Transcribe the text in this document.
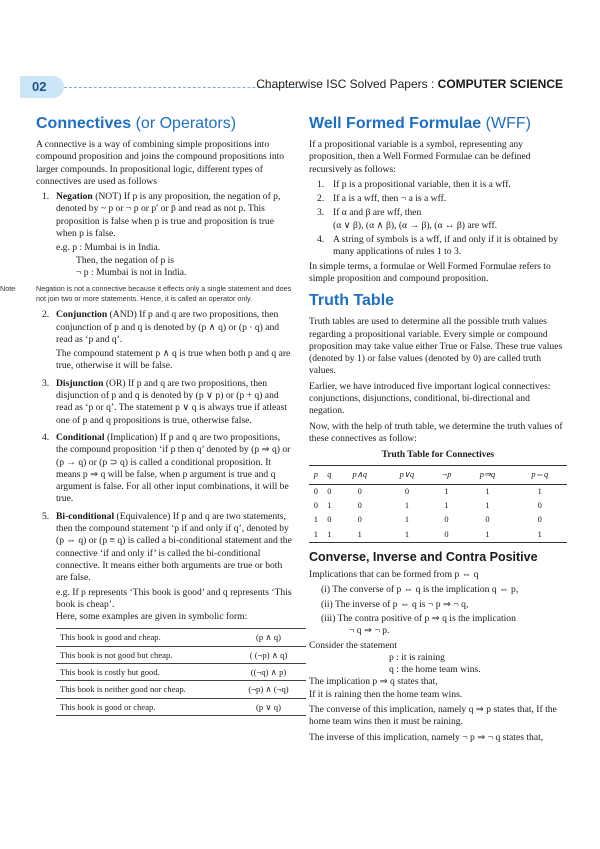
02	Chapterwise ISC Solved Papers : COMPUTER SCIENCE
Connectives (or Operators)

A connective is a way of combining simple propositions into compound proposition and joins the compound propositions into larger compounds. In propositional logic, different types of connectives are used as follows

1. Negation (NOT) If p is any proposition, the negation of p, denoted by ~ p or ¬ p or p′ or p̄ and read as not p. This proposition is false when p is true and proposition is true when p is false.
e.g. p : Mumbai is in India.
Then, the negation of p is
¬ p : Mumbai is not in India.
Note	Negation is not a connective because it effects only a single statement and does not join two or more statements. Hence, it is called an operator only.
2. Conjunction (AND) If p and q are two propositions, then conjunction of p and q is denoted by (p ∧ q) or (p · q) and read as ‘p and q’.
The compound statement p ∧ q is true when both p and q are true, otherwise it will be false.
3. Disjunction (OR) If p and q are two propositions, then disjunction of p and q is denoted by (p ∨ p) or (p + q) and read as ‘p or q’. The statement p ∨ q is always true if atleast one of p and q propositions is true, otherwise false.
4. Conditional (Implication) If p and q are two propositions, the compound proposition ‘if p then q’ denoted by (p ⇒ q) or (p → q) or (p ⊃ q) is called a conditional proposition. It means p ⇒ q will be false, when p argument is true and q argument is false. For all other input combinations, it will be true.
5. Bi-conditional (Equivalence) If p and q are two statements, then the compound statement ‘p if and only if q’, denoted by (p ⇔ q) or (p ≡ q) is called a bi-conditional statement and the connective ‘if and only if’ is called the bi-conditional connective. It means either both arguments are true or both are false.
e.g. If p represents ‘This book is good’ and q represents ‘This book is cheap’.
Here, some examples are given in symbolic form:
This book is good and cheap.	(p ∧ q)
This book is not good but cheap.	( (¬p) ∧ q)
This book is costly but good.	((¬q) ∧ p)
This book is neither good nor cheap.	(¬p) ∧ (¬q)
This book is good or cheap.	(p ∨ q)
Well Formed Formulae (WFF)

If a propositional variable is a symbol, representing any proposition, then a Well Formed Formulae can be defined recursively as follows:

1. If p is a propositional variable, then it is a wff.
2. If a is a wff, then ¬ a is a wff.
3. If α and β are wff, then
(α ∨ β), (α ∧ β), (α → β), (α ↔ β) are wff.
4. A string of symbols is a wff, if and only if it is obtained by many applications of rules 1 to 3.

In simple terms, a formulae or Well Formed Formulae refers to simple proposition and compound proposition.

Truth Table

Truth tables are used to determine all the possible truth values regarding a propositional variable. Every simple or compound proposition may take value either True or False. These true values (denoted by 1) or false values (denoted by 0) are called truth values.

Earlier, we have introduced five important logical connectives: conjunctions, disjunctions, conditional, bi-directional and negation.

Now, with the help of truth table, we determine the truth values of these connectives as follow:

Truth Table for Connectives
p	q	p∧q	p∨q	¬p	p⇒q	p⇔q
0	0	0	0	1	1	1
0	1	0	1	1	1	0
1	0	0	1	0	0	0
1	1	1	1	0	1	1
Converse, Inverse and Contra Positive

Implications that can be formed from p ⇔ q

(i) The converse of p ⇔ q is the implication q ⇔ p,
(ii) The inverse of p ⇔ q is ¬ p ⇒ ¬ q,
(iii) The contra positive of p ⇒ q is the implication
¬ q ⇒ ¬ p.
Consider the statement
p : it is raining
q : the home team wins.
The implication p ⇒ q states that,
If it is raining then the home team wins.

The converse of this implication, namely q ⇒ p states that, If the home team wins then it must be raining.

The inverse of this implication, namely ¬ p ⇒ ¬ q states that,
